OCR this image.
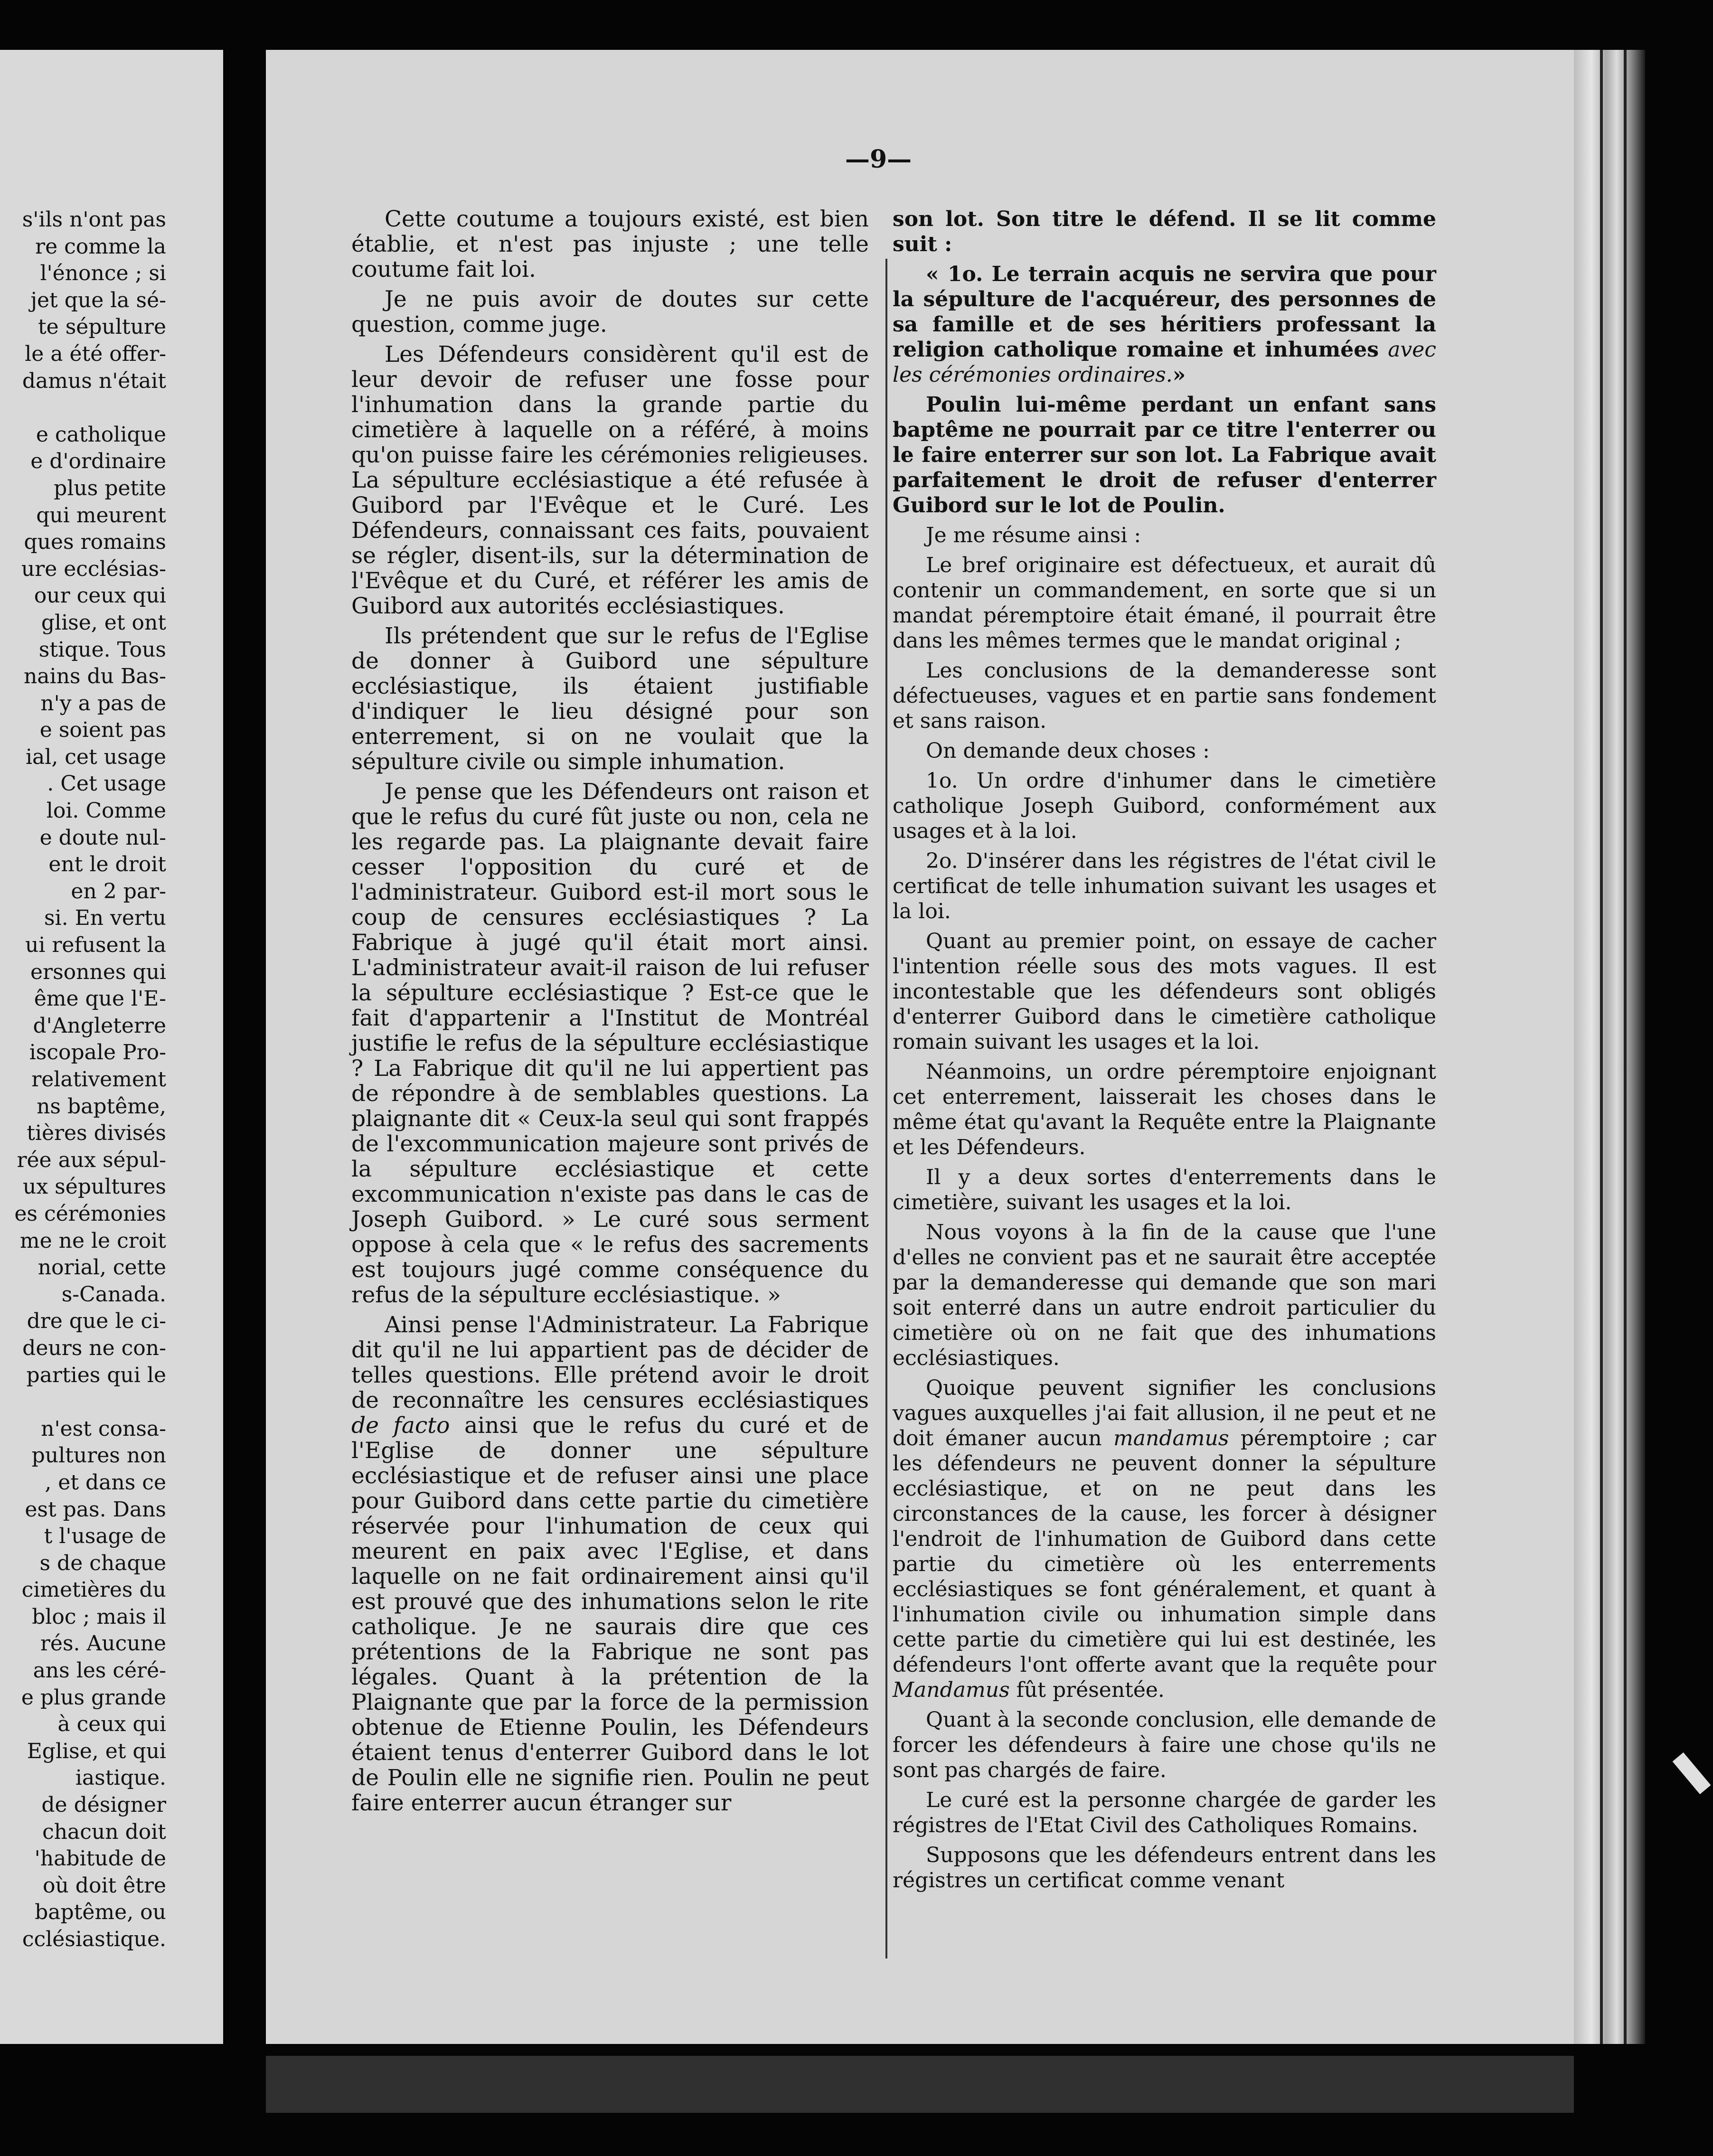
s'ils n'ont pas
re comme la
l'énonce ; si
jet que la sé-
te sépulture
le a été offer-
damus n'était
e catholique
e d'ordinaire
plus petite
qui meurent
ques romains
ure ecclésias-
our ceux qui
glise, et ont
stique. Tous
nains du Bas-
n'y a pas de
e soient pas
ial, cet usage
. Cet usage
loi. Comme
e doute nul-
ent le droit
en 2 par-
si. En vertu
ui refusent la
ersonnes qui
ême que l'E-
d'Angleterre
iscopale Pro-
relativement
ns baptême,
tières divisés
rée aux sépul-
ux sépultures
es cérémonies
me ne le croit
norial, cette
s-Canada.
dre que le ci-
deurs ne con-
parties qui le
n'est consa-
pultures non
, et dans ce
est pas. Dans
t l'usage de
s de chaque
cimetières du
bloc ; mais il
rés. Aucune
ans les céré-
e plus grande
à ceux qui
Eglise, et qui
iastique.
de désigner
chacun doit
'habitude de
où doit être
baptême, ou
cclésiastique.
—9—

Cette coutume a toujours existé, est bien établie, et n'est pas injuste ; une telle coutume fait loi.

Je ne puis avoir de doutes sur cette question, comme juge.

Les Défendeurs considèrent qu'il est de leur devoir de refuser une fosse pour l'inhumation dans la grande partie du cimetière à laquelle on a référé, à moins qu'on puisse faire les cérémonies religieuses. La sépulture ecclésiastique a été refusée à Guibord par l'Evêque et le Curé. Les Défendeurs, connaissant ces faits, pouvaient se régler, disent-ils, sur la détermination de l'Evêque et du Curé, et référer les amis de Guibord aux autorités ecclésiastiques.

Ils prétendent que sur le refus de l'Eglise de donner à Guibord une sépulture ecclésiastique, ils étaient justifiable d'indiquer le lieu désigné pour son enterrement, si on ne voulait que la sépulture civile ou simple inhumation.

Je pense que les Défendeurs ont raison et que le refus du curé fût juste ou non, cela ne les regarde pas. La plaignante devait faire cesser l'opposition du curé et de l'administrateur. Guibord est-il mort sous le coup de censures ecclésiastiques ? La Fabrique à jugé qu'il était mort ainsi. L'administrateur avait-il raison de lui refuser la sépulture ecclésiastique ? Est-ce que le fait d'appartenir a l'Institut de Montréal justifie le refus de la sépulture ecclésiastique ? La Fabrique dit qu'il ne lui appertient pas de répondre à de semblables questions. La plaignante dit « Ceux-la seul qui sont frappés de l'excommunication majeure sont privés de la sépulture ecclésiastique et cette excommunication n'existe pas dans le cas de Joseph Guibord. » Le curé sous serment oppose à cela que « le refus des sacrements est toujours jugé comme conséquence du refus de la sépulture ecclésiastique. »

Ainsi pense l'Administrateur. La Fabrique dit qu'il ne lui appartient pas de décider de telles questions. Elle prétend avoir le droit de reconnaître les censures ecclésiastiques de facto ainsi que le refus du curé et de l'Eglise de donner une sépulture ecclésiastique et de refuser ainsi une place pour Guibord dans cette partie du cimetière réservée pour l'inhumation de ceux qui meurent en paix avec l'Eglise, et dans laquelle on ne fait ordinairement ainsi qu'il est prouvé que des inhumations selon le rite catholique. Je ne saurais dire que ces prétentions de la Fabrique ne sont pas légales. Quant à la prétention de la Plaignante que par la force de la permission obtenue de Etienne Poulin, les Défendeurs étaient tenus d'enterrer Guibord dans le lot de Poulin elle ne signifie rien. Poulin ne peut faire enterrer aucun étranger sur

son lot. Son titre le défend. Il se lit comme suit :

« 1o. Le terrain acquis ne servira que pour la sépulture de l'acquéreur, des personnes de sa famille et de ses héritiers professant la religion catholique romaine et inhumées avec les cérémonies ordinaires.»

Poulin lui-même perdant un enfant sans baptême ne pourrait par ce titre l'enterrer ou le faire enterrer sur son lot. La Fabrique avait parfaitement le droit de refuser d'enterrer Guibord sur le lot de Poulin.

Je me résume ainsi :

Le bref originaire est défectueux, et aurait dû contenir un commandement, en sorte que si un mandat péremptoire était émané, il pourrait être dans les mêmes termes que le mandat original ;

Les conclusions de la demanderesse sont défectueuses, vagues et en partie sans fondement et sans raison.

On demande deux choses :

1o. Un ordre d'inhumer dans le cimetière catholique Joseph Guibord, conformément aux usages et à la loi.

2o. D'insérer dans les régistres de l'état civil le certificat de telle inhumation suivant les usages et la loi.

Quant au premier point, on essaye de cacher l'intention réelle sous des mots vagues. Il est incontestable que les défendeurs sont obligés d'enterrer Guibord dans le cimetière catholique romain suivant les usages et la loi.

Néanmoins, un ordre péremptoire enjoignant cet enterrement, laisserait les choses dans le même état qu'avant la Requête entre la Plaignante et les Défendeurs.

Il y a deux sortes d'enterrements dans le cimetière, suivant les usages et la loi.

Nous voyons à la fin de la cause que l'une d'elles ne convient pas et ne saurait être acceptée par la demanderesse qui demande que son mari soit enterré dans un autre endroit particulier du cimetière où on ne fait que des inhumations ecclésiastiques.

Quoique peuvent signifier les conclusions vagues auxquelles j'ai fait allusion, il ne peut et ne doit émaner aucun mandamus péremptoire ; car les défendeurs ne peuvent donner la sépulture ecclésiastique, et on ne peut dans les circonstances de la cause, les forcer à désigner l'endroit de l'inhumation de Guibord dans cette partie du cimetière où les enterrements ecclésiastiques se font généralement, et quant à l'inhumation civile ou inhumation simple dans cette partie du cimetière qui lui est destinée, les défendeurs l'ont offerte avant que la requête pour Mandamus fût présentée.

Quant à la seconde conclusion, elle demande de forcer les défendeurs à faire une chose qu'ils ne sont pas chargés de faire.

Le curé est la personne chargée de garder les régistres de l'Etat Civil des Catholiques Romains.

Supposons que les défendeurs entrent dans les régistres un certificat comme venant
